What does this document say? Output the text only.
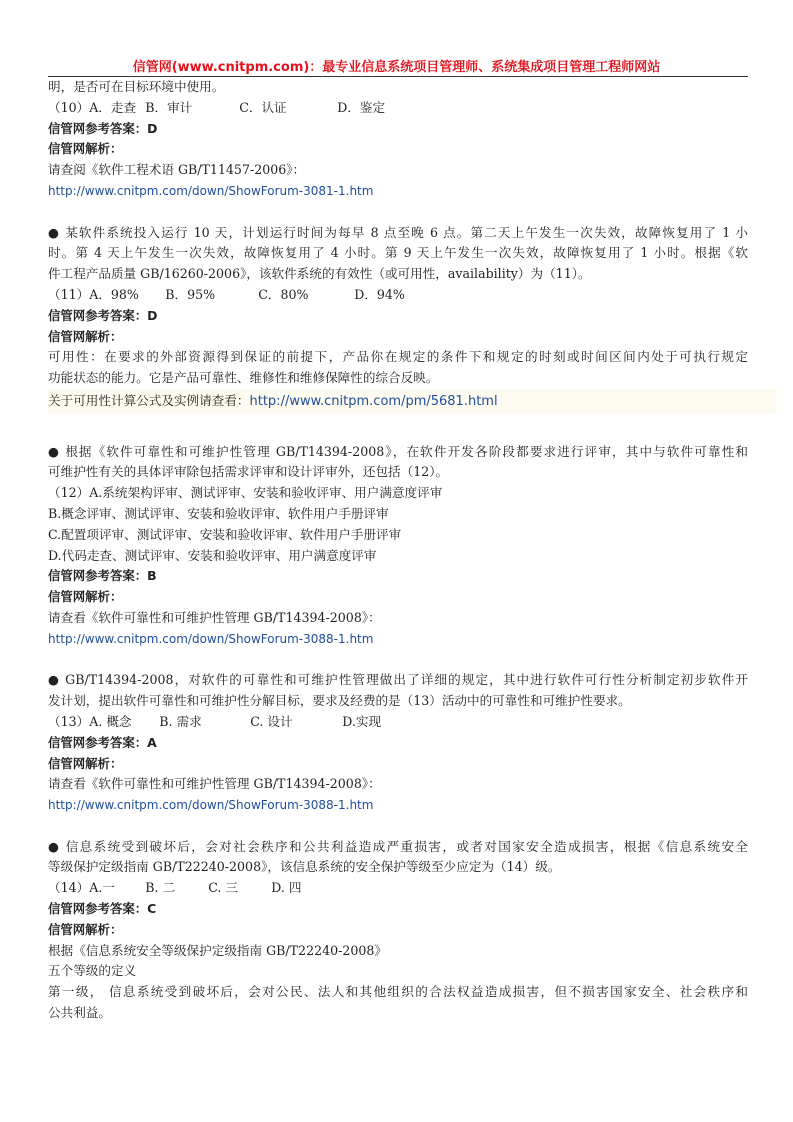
信管网(www.cnitpm.com)：最专业信息系统项目管理师、系统集成项目管理工程师网站
明，是否可在目标环境中使用。
（10）A．走查 B．审计	C．认证	D．鉴定
信管网参考答案：D
信管网解析：
请查阅《软件工程术语 GB/T11457-2006》：
http://www.cnitpm.com/down/ShowForum-3081-1.htm
● 某软件系统投入运行 10 天，计划运行时间为每早 8 点至晚 6 点。第二天上午发生一次失效，故障恢复用了 1 小
时。第 4 天上午发生一次失效，故障恢复用了 4 小时。第 9 天上午发生一次失效，故障恢复用了 1 小时。根据《软
件工程产品质量 GB/16260-2006》，该软件系统的有效性（或可用性，availability）为（11）。
（11）A．98% B．95%	C．80%	D．94%
信管网参考答案：D
信管网解析：
可用性：在要求的外部资源得到保证的前提下，产品你在规定的条件下和规定的时刻或时间区间内处于可执行规定
功能状态的能力。它是产品可靠性、维修性和维修保障性的综合反映。
关于可用性计算公式及实例请查看：http://www.cnitpm.com/pm/5681.html
● 根据《软件可靠性和可维护性管理 GB/T14394-2008》，在软件开发各阶段都要求进行评审，其中与软件可靠性和
可维护性有关的具体评审除包括需求评审和设计评审外，还包括（12）。
（12）A.系统架构评审、测试评审、安装和验收评审、用户满意度评审
B.概念评审、测试评审、安装和验收评审、软件用户手册评审
C.配置项评审、测试评审、安装和验收评审、软件用户手册评审
D.代码走查、测试评审、安装和验收评审、用户满意度评审
信管网参考答案：B
信管网解析：
请查看《软件可靠性和可维护性管理 GB/T14394-2008》：
http://www.cnitpm.com/down/ShowForum-3088-1.htm
● GB/T14394-2008，对软件的可靠性和可维护性管理做出了详细的规定，其中进行软件可行性分析制定初步软件开
发计划，提出软件可靠性和可维护性分解目标，要求及经费的是（13）活动中的可靠性和可维护性要求。
（13）A. 概念 B. 需求	C. 设计	D.实现
信管网参考答案：A
信管网解析：
请查看《软件可靠性和可维护性管理 GB/T14394-2008》：
http://www.cnitpm.com/down/ShowForum-3088-1.htm
● 信息系统受到破坏后，会对社会秩序和公共利益造成严重损害，或者对国家安全造成损害，根据《信息系统安全
等级保护定级指南 GB/T22240-2008》，该信息系统的安全保护等级至少应定为（14）级。
（14）A.一 B. 二	C. 三	D. 四
信管网参考答案：C
信管网解析：
根据《信息系统安全等级保护定级指南 GB/T22240-2008》
五个等级的定义
第一级， 信息系统受到破坏后，会对公民、法人和其他组织的合法权益造成损害，但不损害国家安全、社会秩序和
公共利益。
